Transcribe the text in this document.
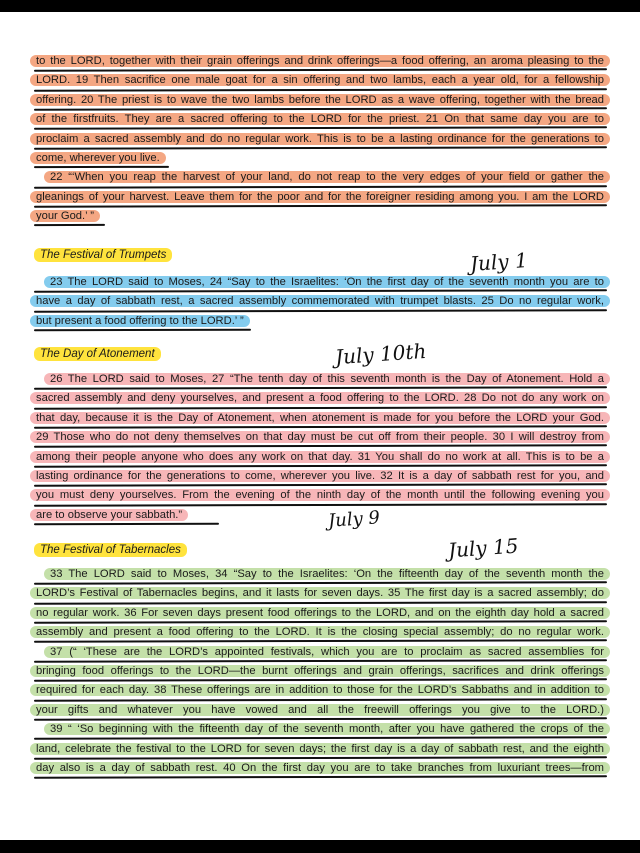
to the LORD, together with their grain offerings and drink offerings—a food offering, an aroma pleasing to the
LORD. 19 Then sacrifice one male goat for a sin offering and two lambs, each a year old, for a fellowship
offering. 20 The priest is to wave the two lambs before the LORD as a wave offering, together with the bread
of the firstfruits. They are a sacred offering to the LORD for the priest. 21 On that same day you are to
proclaim a sacred assembly and do no regular work. This is to be a lasting ordinance for the generations to
come, wherever you live.
22 “‘When you reap the harvest of your land, do not reap to the very edges of your field or gather the
gleanings of your harvest. Leave them for the poor and for the foreigner residing among you. I am the LORD
your God.’ ”
23 The LORD said to Moses, 24 “Say to the Israelites: ‘On the first day of the seventh month you are to
have a day of sabbath rest, a sacred assembly commemorated with trumpet blasts. 25 Do no regular work,
but present a food offering to the LORD.’ ”
26 The LORD said to Moses, 27 “The tenth day of this seventh month is the Day of Atonement. Hold a
sacred assembly and deny yourselves, and present a food offering to the LORD. 28 Do not do any work on
that day, because it is the Day of Atonement, when atonement is made for you before the LORD your God.
29 Those who do not deny themselves on that day must be cut off from their people. 30 I will destroy from
among their people anyone who does any work on that day. 31 You shall do no work at all. This is to be a
lasting ordinance for the generations to come, wherever you live. 32 It is a day of sabbath rest for you, and
you must deny yourselves. From the evening of the ninth day of the month until the following evening you
are to observe your sabbath.”
33 The LORD said to Moses, 34 “Say to the Israelites: ‘On the fifteenth day of the seventh month the
LORD’s Festival of Tabernacles begins, and it lasts for seven days. 35 The first day is a sacred assembly; do
no regular work. 36 For seven days present food offerings to the LORD, and on the eighth day hold a sacred
assembly and present a food offering to the LORD. It is the closing special assembly; do no regular work.
37 (“ ‘These are the LORD’s appointed festivals, which you are to proclaim as sacred assemblies for
bringing food offerings to the LORD—the burnt offerings and grain offerings, sacrifices and drink offerings
required for each day. 38 These offerings are in addition to those for the LORD’s Sabbaths and in addition to
your gifts and whatever you have vowed and all the freewill offerings you give to the LORD.)
39 “ ‘So beginning with the fifteenth day of the seventh month, after you have gathered the crops of the
land, celebrate the festival to the LORD for seven days; the first day is a day of sabbath rest, and the eighth
day also is a day of sabbath rest. 40 On the first day you are to take branches from luxuriant trees—from
The Festival of Trumpets
The Day of Atonement
The Festival of Tabernacles
July 1
July 10th
July 9
July 15
